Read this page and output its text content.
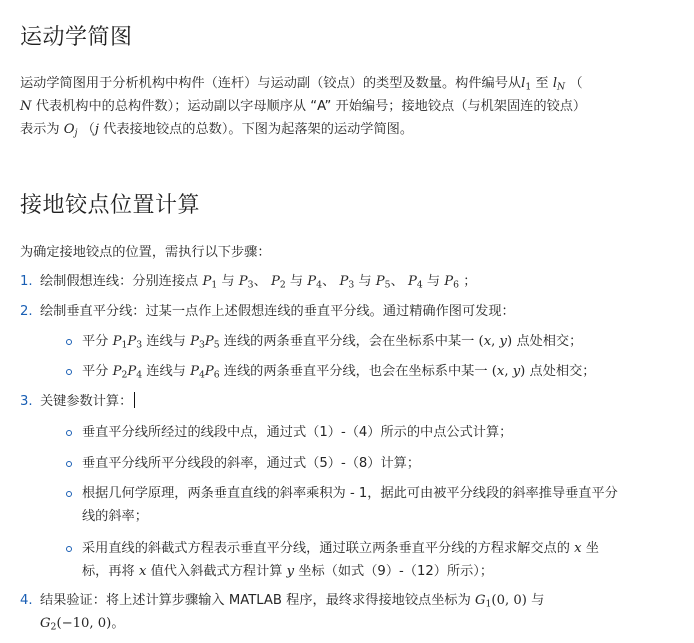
运动学简图
运动学简图用于分析机构中构件（连杆）与运动副（铰点）的类型及数量。构件编号从$l_1$ 至 $l_N$ （
N 代表机构中的总构件数）；运动副以字母顺序从 “A” 开始编号；接地铰点（与机架固连的铰点）
表示为 $O_j$ （j 代表接地铰点的总数）。下图为起落架的运动学简图。
接地铰点位置计算
为确定接地铰点的位置，需执行以下步骤：
1. 绘制假想连线：分别连接点 $P_1$ 与 $P_3$、 $P_2$ 与 $P_4$、 $P_3$ 与 $P_5$、 $P_4$ 与 $P_6$ ；
2. 绘制垂直平分线：过某一点作上述假想连线的垂直平分线。通过精确作图可发现：
平分 $P_1P_3$ 连线与 $P_3P_5$ 连线的两条垂直平分线，会在坐标系中某一 (x, y) 点处相交；
平分 $P_2P_4$ 连线与 $P_4P_6$ 连线的两条垂直平分线，也会在坐标系中某一 (x, y) 点处相交；
3. 关键参数计算：
垂直平分线所经过的线段中点，通过式（1）-（4）所示的中点公式计算；
垂直平分线所平分线段的斜率，通过式（5）-（8）计算；
根据几何学原理，两条垂直直线的斜率乘积为 - 1，据此可由被平分线段的斜率推导垂直平分
线的斜率；
采用直线的斜截式方程表示垂直平分线，通过联立两条垂直平分线的方程求解交点的 x 坐
标，再将 x 值代入斜截式方程计算 y 坐标（如式（9）-（12）所示）；
4. 结果验证：将上述计算步骤输入 MATLAB 程序，最终求得接地铰点坐标为 $G_1(0$, 0) 与
$G_2(-10$, 0)。
